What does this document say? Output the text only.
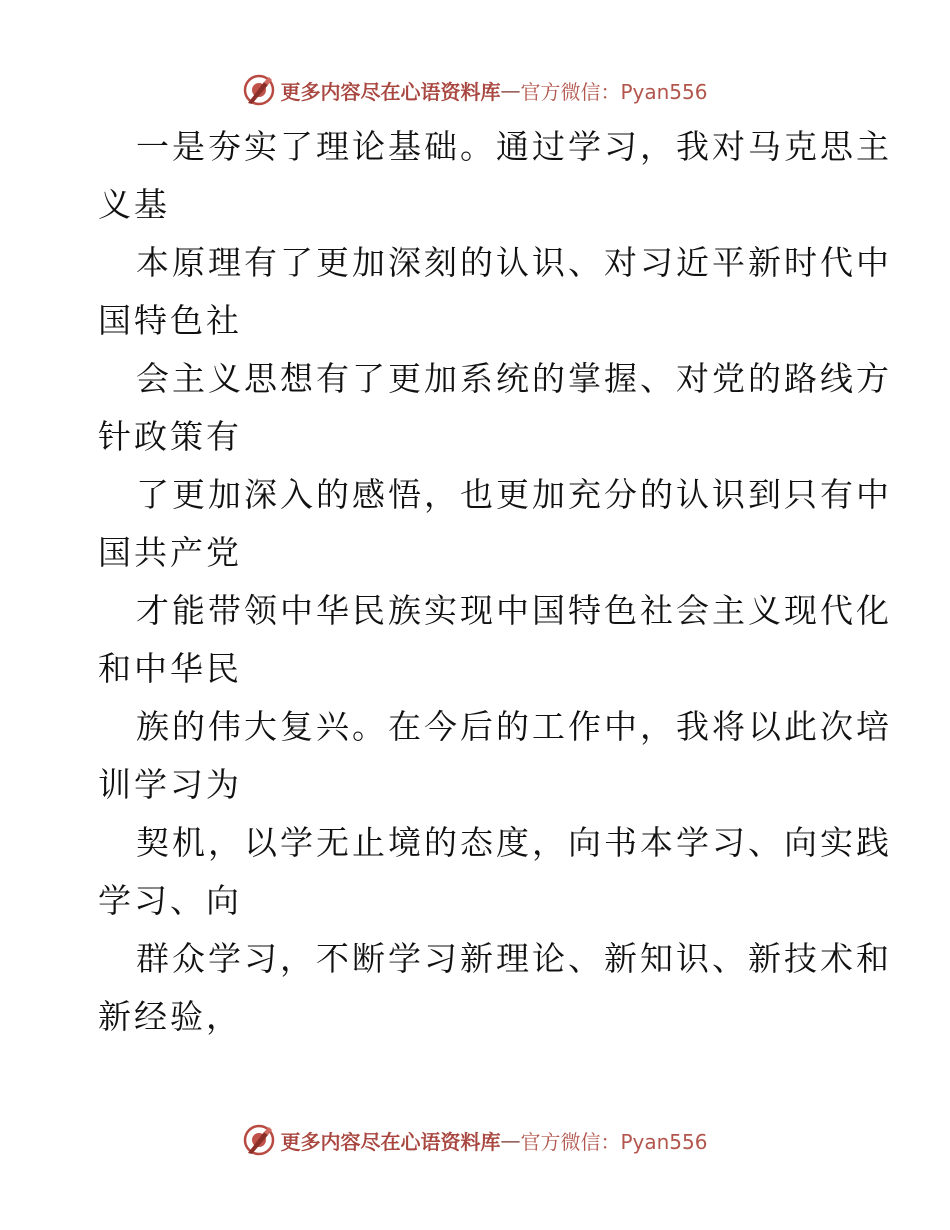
更多内容尽在心语资料库 — 官方微信：Pyan556
一是夯实了理论基础。通过学习，我对马克思主
义基
本原理有了更加深刻的认识、对习近平新时代中
国特色社
会主义思想有了更加系统的掌握、对党的路线方
针政策有
了更加深入的感悟，也更加充分的认识到只有中
国共产党
才能带领中华民族实现中国特色社会主义现代化
和中华民
族的伟大复兴。在今后的工作中，我将以此次培
训学习为
契机，以学无止境的态度，向书本学习、向实践
学习、向
群众学习，不断学习新理论、新知识、新技术和
新经验，
更多内容尽在心语资料库 — 官方微信：Pyan556
